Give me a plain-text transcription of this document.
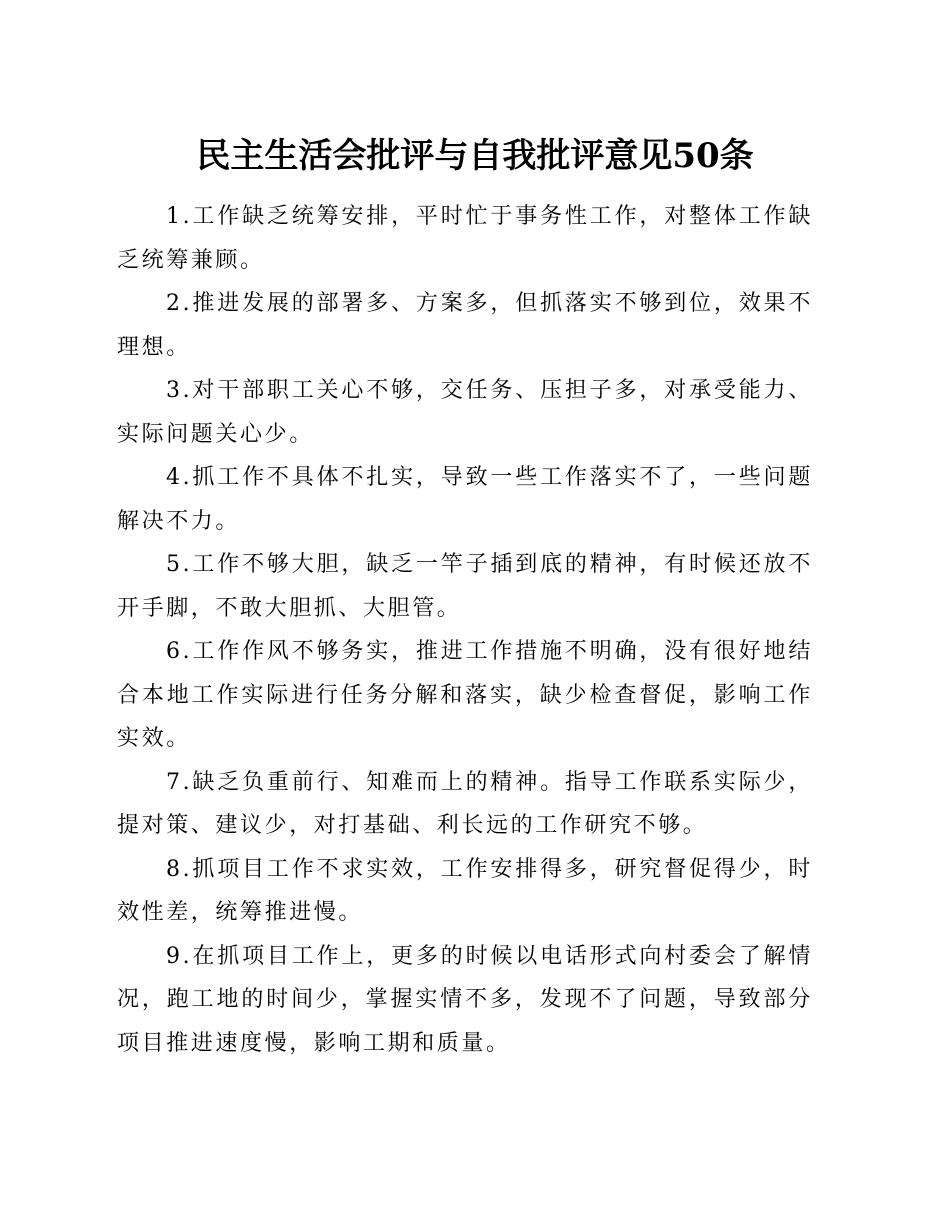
民主生活会批评与自我批评意见50条

1.工作缺乏统筹安排，平时忙于事务性工作，对整体工作缺乏统筹兼顾。

2.推进发展的部署多、方案多，但抓落实不够到位，效果不理想。

3.对干部职工关心不够，交任务、压担子多，对承受能力、实际问题关心少。

4.抓工作不具体不扎实，导致一些工作落实不了，一些问题解决不力。

5.工作不够大胆，缺乏一竿子插到底的精神，有时候还放不开手脚，不敢大胆抓、大胆管。

6.工作作风不够务实，推进工作措施不明确，没有很好地结合本地工作实际进行任务分解和落实，缺少检查督促，影响工作实效。

7.缺乏负重前行、知难而上的精神。指导工作联系实际少，提对策、建议少，对打基础、利长远的工作研究不够。

8.抓项目工作不求实效，工作安排得多，研究督促得少，时效性差，统筹推进慢。

9.在抓项目工作上，更多的时候以电话形式向村委会了解情况，跑工地的时间少，掌握实情不多，发现不了问题，导致部分项目推进速度慢，影响工期和质量。
